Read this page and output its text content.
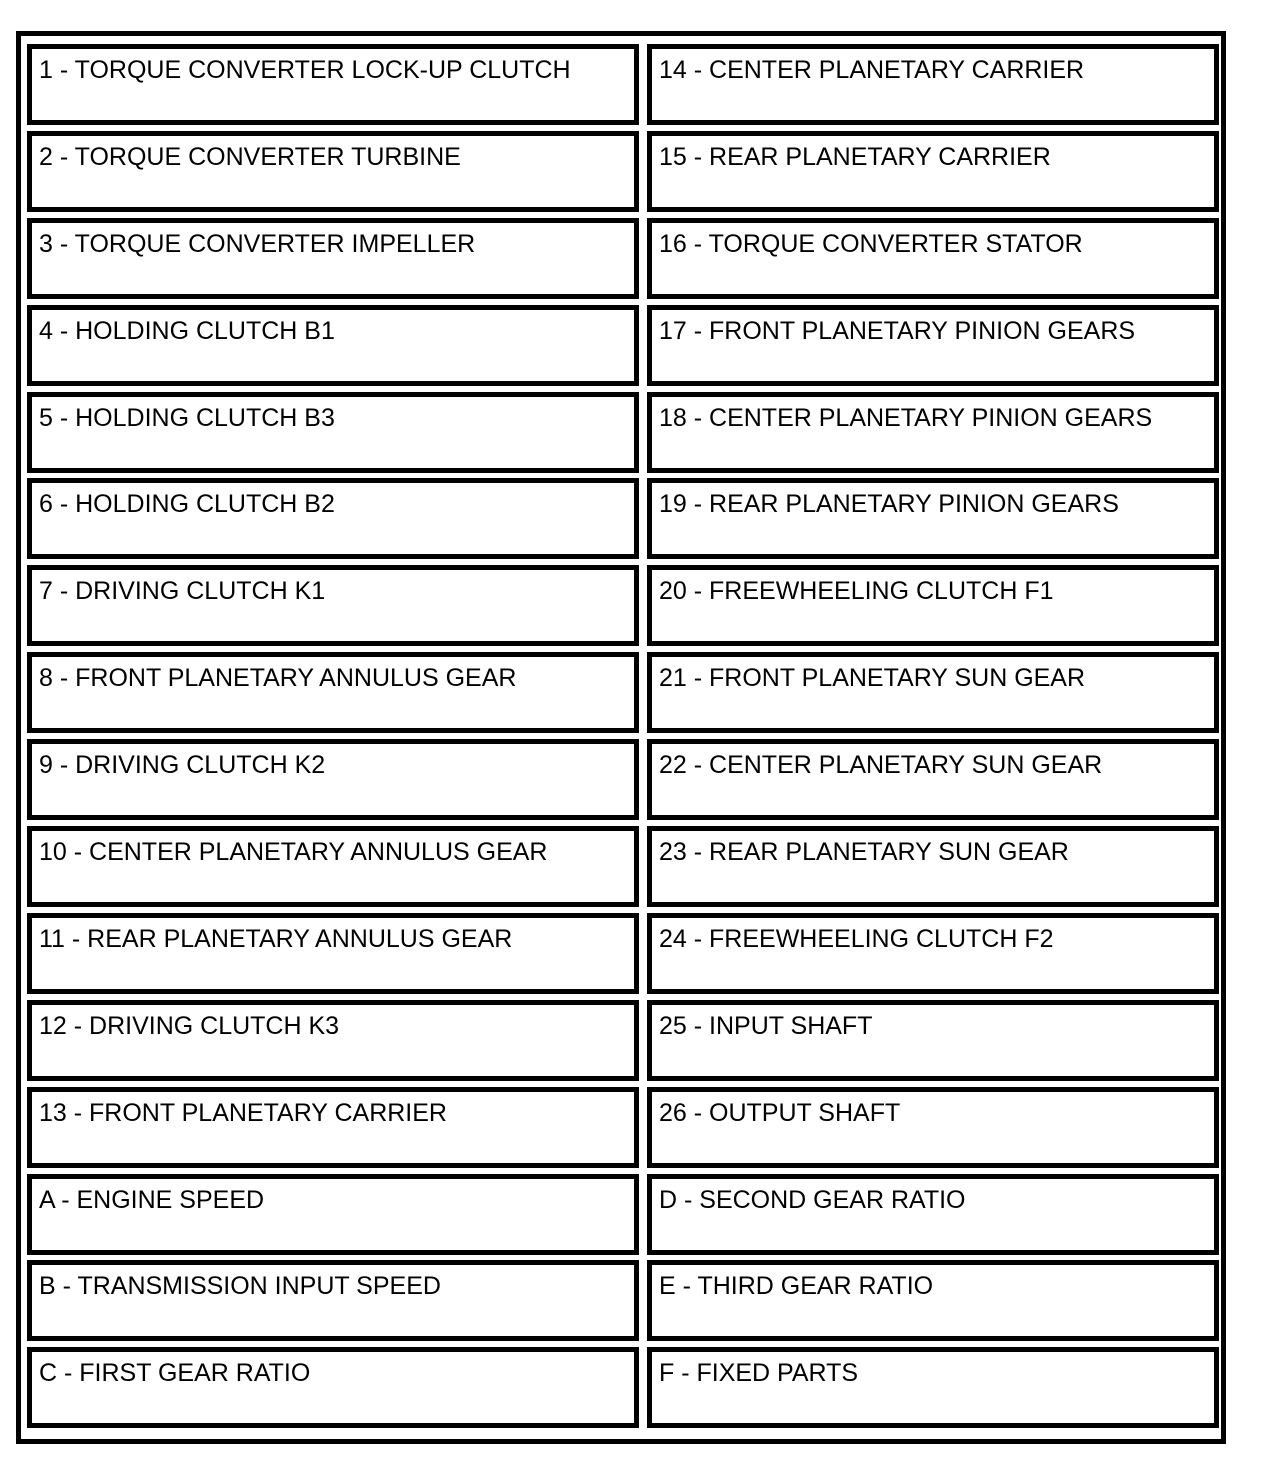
1 - TORQUE CONVERTER LOCK-UP CLUTCH	14 - CENTER PLANETARY CARRIER
2 - TORQUE CONVERTER TURBINE	15 - REAR PLANETARY CARRIER
3 - TORQUE CONVERTER IMPELLER	16 - TORQUE CONVERTER STATOR
4 - HOLDING CLUTCH B1	17 - FRONT PLANETARY PINION GEARS
5 - HOLDING CLUTCH B3	18 - CENTER PLANETARY PINION GEARS
6 - HOLDING CLUTCH B2	19 - REAR PLANETARY PINION GEARS
7 - DRIVING CLUTCH K1	20 - FREEWHEELING CLUTCH F1
8 - FRONT PLANETARY ANNULUS GEAR	21 - FRONT PLANETARY SUN GEAR
9 - DRIVING CLUTCH K2	22 - CENTER PLANETARY SUN GEAR
10 - CENTER PLANETARY ANNULUS GEAR	23 - REAR PLANETARY SUN GEAR
11 - REAR PLANETARY ANNULUS GEAR	24 - FREEWHEELING CLUTCH F2
12 - DRIVING CLUTCH K3	25 - INPUT SHAFT
13 - FRONT PLANETARY CARRIER	26 - OUTPUT SHAFT
A - ENGINE SPEED	D - SECOND GEAR RATIO
B - TRANSMISSION INPUT SPEED	E - THIRD GEAR RATIO
C - FIRST GEAR RATIO	F - FIXED PARTS
